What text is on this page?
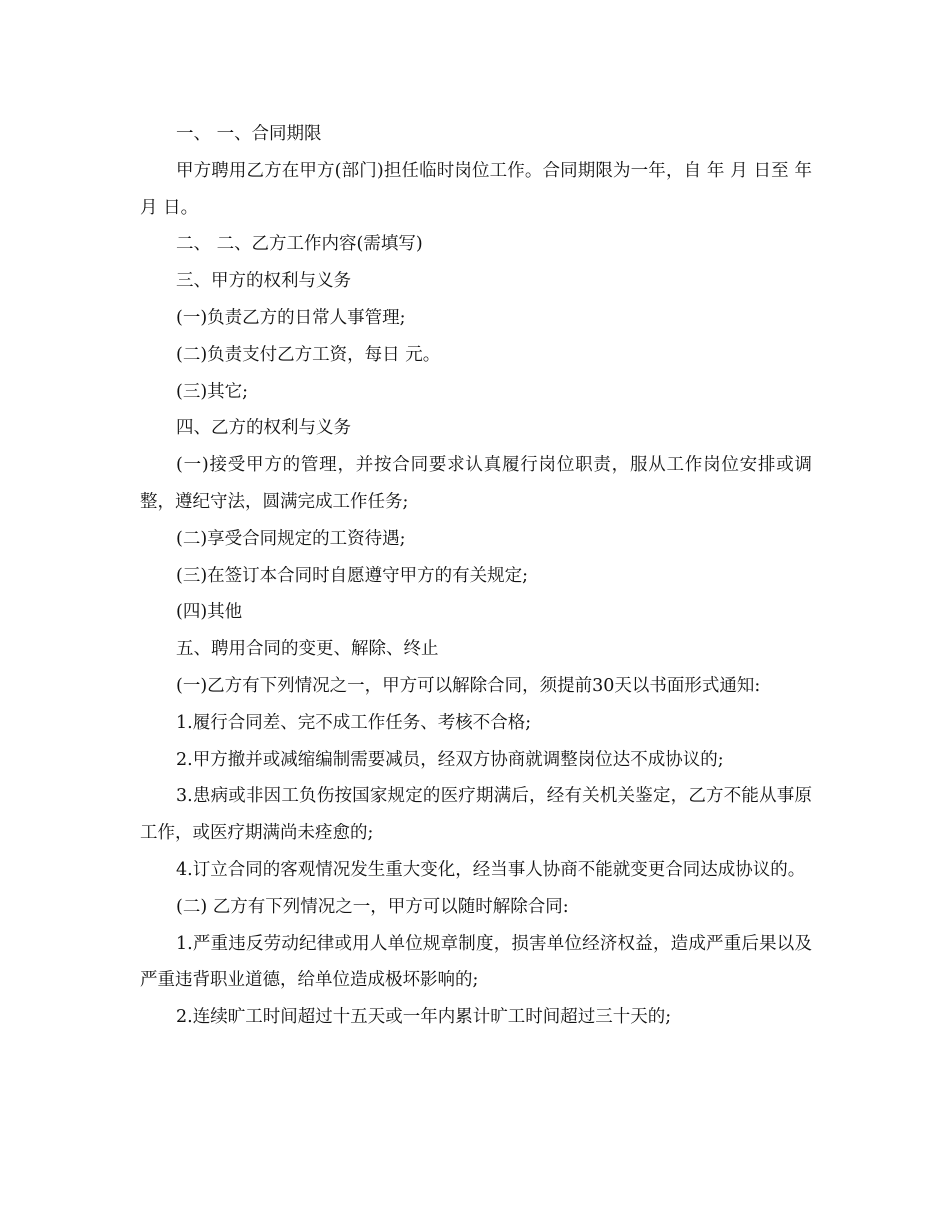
一、 一、合同期限

甲方聘用乙方在甲方(部门)担任临时岗位工作。合同期限为一年，自 年 月 日至 年 月 日。

二、 二、乙方工作内容(需填写)

三、甲方的权利与义务

(一)负责乙方的日常人事管理;

(二)负责支付乙方工资，每日 元。

(三)其它;

四、乙方的权利与义务

(一)接受甲方的管理，并按合同要求认真履行岗位职责，服从工作岗位安排或调整，遵纪守法，圆满完成工作任务;

(二)享受合同规定的工资待遇;

(三)在签订本合同时自愿遵守甲方的有关规定;

(四)其他

五、聘用合同的变更、解除、终止

(一)乙方有下列情况之一，甲方可以解除合同，须提前30天以书面形式通知:

1.履行合同差、完不成工作任务、考核不合格;

2.甲方撤并或减缩编制需要减员，经双方协商就调整岗位达不成协议的;

3.患病或非因工负伤按国家规定的医疗期满后，经有关机关鉴定，乙方不能从事原工作，或医疗期满尚未痊愈的;

4.订立合同的客观情况发生重大变化，经当事人协商不能就变更合同达成协议的。

(二) 乙方有下列情况之一，甲方可以随时解除合同:

1.严重违反劳动纪律或用人单位规章制度，损害单位经济权益，造成严重后果以及严重违背职业道德，给单位造成极坏影响的;

2.连续旷工时间超过十五天或一年内累计旷工时间超过三十天的;
